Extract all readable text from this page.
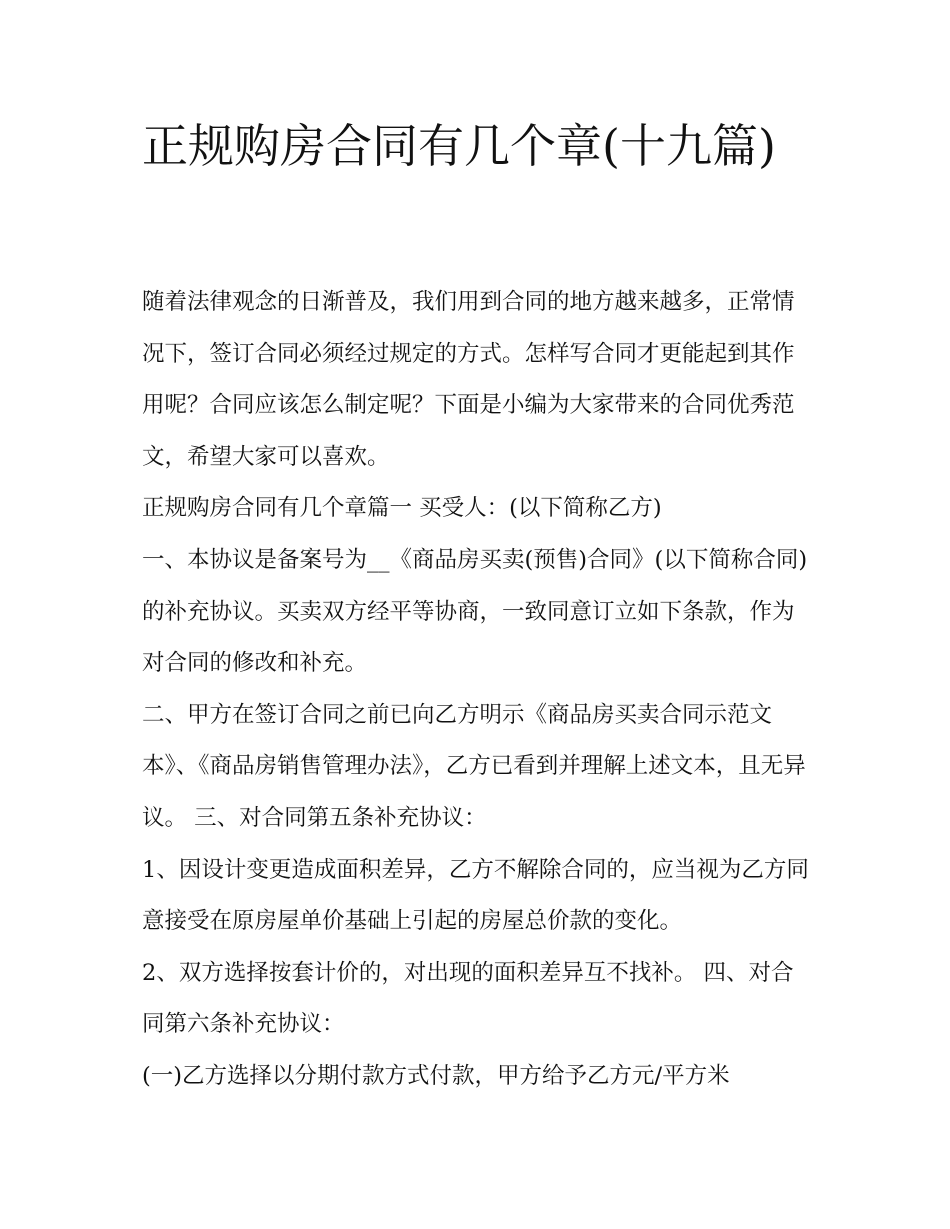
正规购房合同有几个章(十九篇)

随着法律观念的日渐普及，我们用到合同的地方越来越多，正常情况下，签订合同必须经过规定的方式。怎样写合同才更能起到其作用呢？合同应该怎么制定呢？下面是小编为大家带来的合同优秀范文，希望大家可以喜欢。

正规购房合同有几个章篇一 买受人：(以下简称乙方)

一、本协议是备案号为__《商品房买卖(预售)合同》(以下简称合同)的补充协议。买卖双方经平等协商，一致同意订立如下条款，作为对合同的修改和补充。

二、甲方在签订合同之前已向乙方明示《商品房买卖合同示范文本》、《商品房销售管理办法》，乙方已看到并理解上述文本，且无异议。 三、对合同第五条补充协议：

1、因设计变更造成面积差异，乙方不解除合同的，应当视为乙方同意接受在原房屋单价基础上引起的房屋总价款的变化。

2、双方选择按套计价的，对出现的面积差异互不找补。 四、对合同第六条补充协议：

(一)乙方选择以分期付款方式付款，甲方给予乙方元/平方米
